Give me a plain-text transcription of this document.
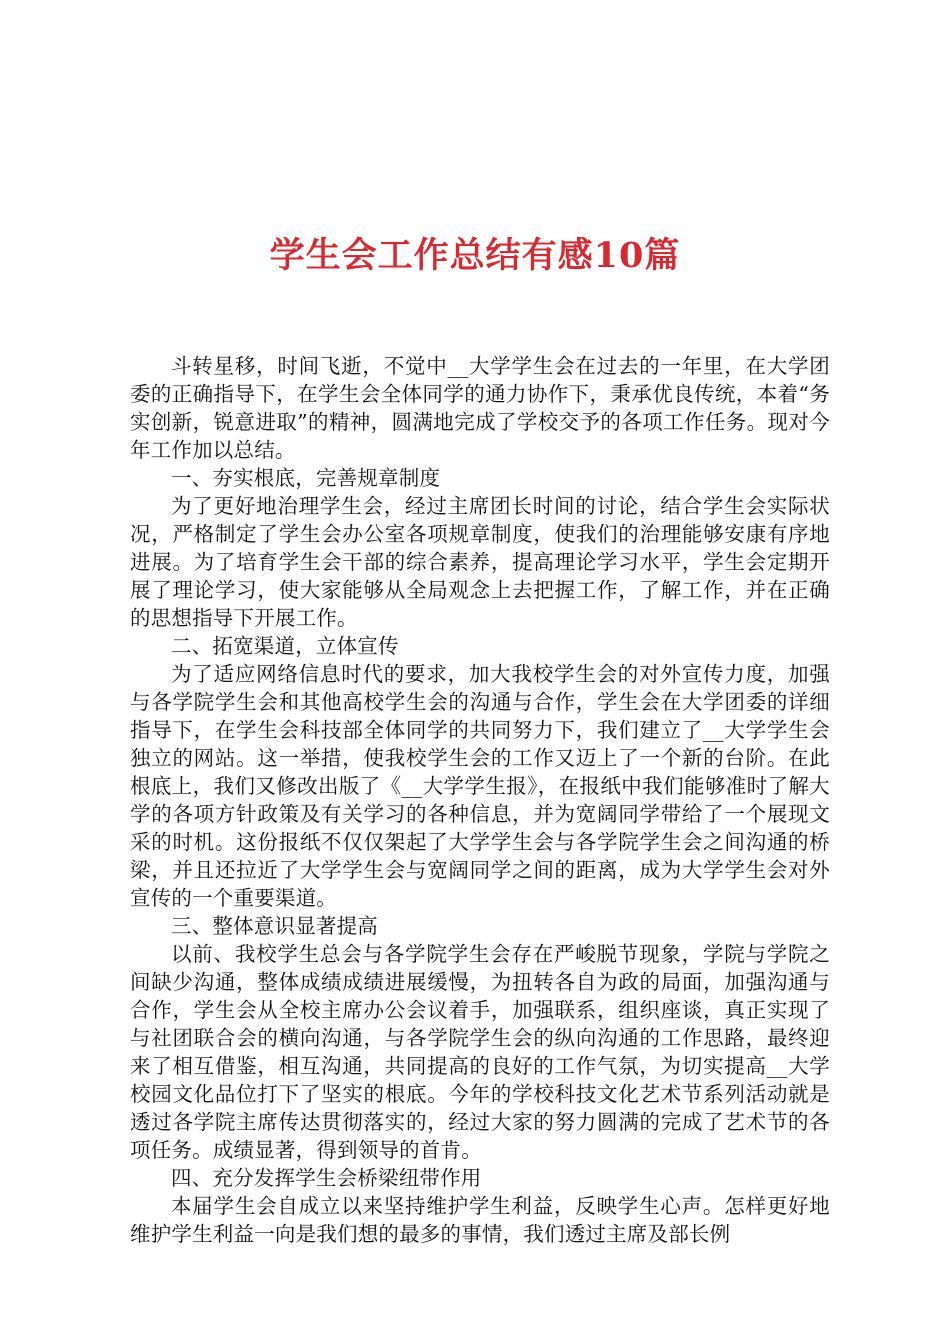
学生会工作总结有感10篇

斗转星移，时间飞逝，不觉中__大学学生会在过去的一年里，在大学团委的正确指导下，在学生会全体同学的通力协作下，秉承优良传统，本着“务实创新，锐意进取”的精神，圆满地完成了学校交予的各项工作任务。现对今年工作加以总结。

一、夯实根底，完善规章制度

为了更好地治理学生会，经过主席团长时间的讨论，结合学生会实际状况，严格制定了学生会办公室各项规章制度，使我们的治理能够安康有序地进展。为了培育学生会干部的综合素养，提高理论学习水平，学生会定期开展了理论学习，使大家能够从全局观念上去把握工作，了解工作，并在正确的思想指导下开展工作。

二、拓宽渠道，立体宣传

为了适应网络信息时代的要求，加大我校学生会的对外宣传力度，加强与各学院学生会和其他高校学生会的沟通与合作，学生会在大学团委的详细指导下，在学生会科技部全体同学的共同努力下，我们建立了__大学学生会独立的网站。这一举措，使我校学生会的工作又迈上了一个新的台阶。在此根底上，我们又修改出版了《__大学学生报》，在报纸中我们能够准时了解大学的各项方针政策及有关学习的各种信息，并为宽阔同学带给了一个展现文采的时机。这份报纸不仅仅架起了大学学生会与各学院学生会之间沟通的桥梁，并且还拉近了大学学生会与宽阔同学之间的距离，成为大学学生会对外宣传的一个重要渠道。

三、整体意识显著提高

以前、我校学生总会与各学院学生会存在严峻脱节现象，学院与学院之间缺少沟通，整体成绩成绩进展缓慢，为扭转各自为政的局面，加强沟通与合作，学生会从全校主席办公会议着手，加强联系，组织座谈，真正实现了与社团联合会的横向沟通，与各学院学生会的纵向沟通的工作思路，最终迎来了相互借鉴，相互沟通，共同提高的良好的工作气氛，为切实提高__大学校园文化品位打下了坚实的根底。今年的学校科技文化艺术节系列活动就是透过各学院主席传达贯彻落实的，经过大家的努力圆满的完成了艺术节的各项任务。成绩显著，得到领导的首肯。

四、充分发挥学生会桥梁纽带作用

本届学生会自成立以来坚持维护学生利益，反映学生心声。怎样更好地维护学生利益一向是我们想的最多的事情，我们透过主席及部长例
